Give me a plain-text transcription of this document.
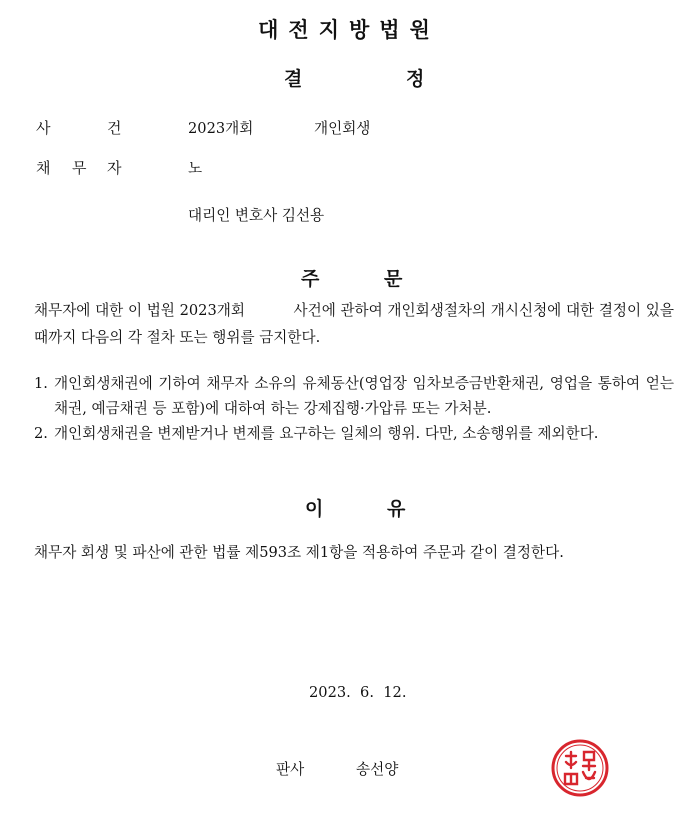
대전지방법원
결	정
사	건	2023개회	개인회생
채 무 자	노
대리인 변호사 김선용
주	문
채무자에 대한 이 법원 2023개회 　　　사건에 관하여 개인회생절차의 개시신청에 대한 결정이 있을 때까지 다음의 각 절차 또는 행위를 금지한다.
1. 개인회생채권에 기하여 채무자 소유의 유체동산(영업장 임차보증금반환채권, 영업을 통하여 얻는 채권, 예금채권 등 포함)에 대하여 하는 강제집행·가압류 또는 가처분.
2. 개인회생채권을 변제받거나 변제를 요구하는 일체의 행위. 다만, 소송행위를 제외한다.
이	유
채무자 회생 및 파산에 관한 법률 제593조 제1항을 적용하여 주문과 같이 결정한다.
2023.  6.  12.
판사	송선양
